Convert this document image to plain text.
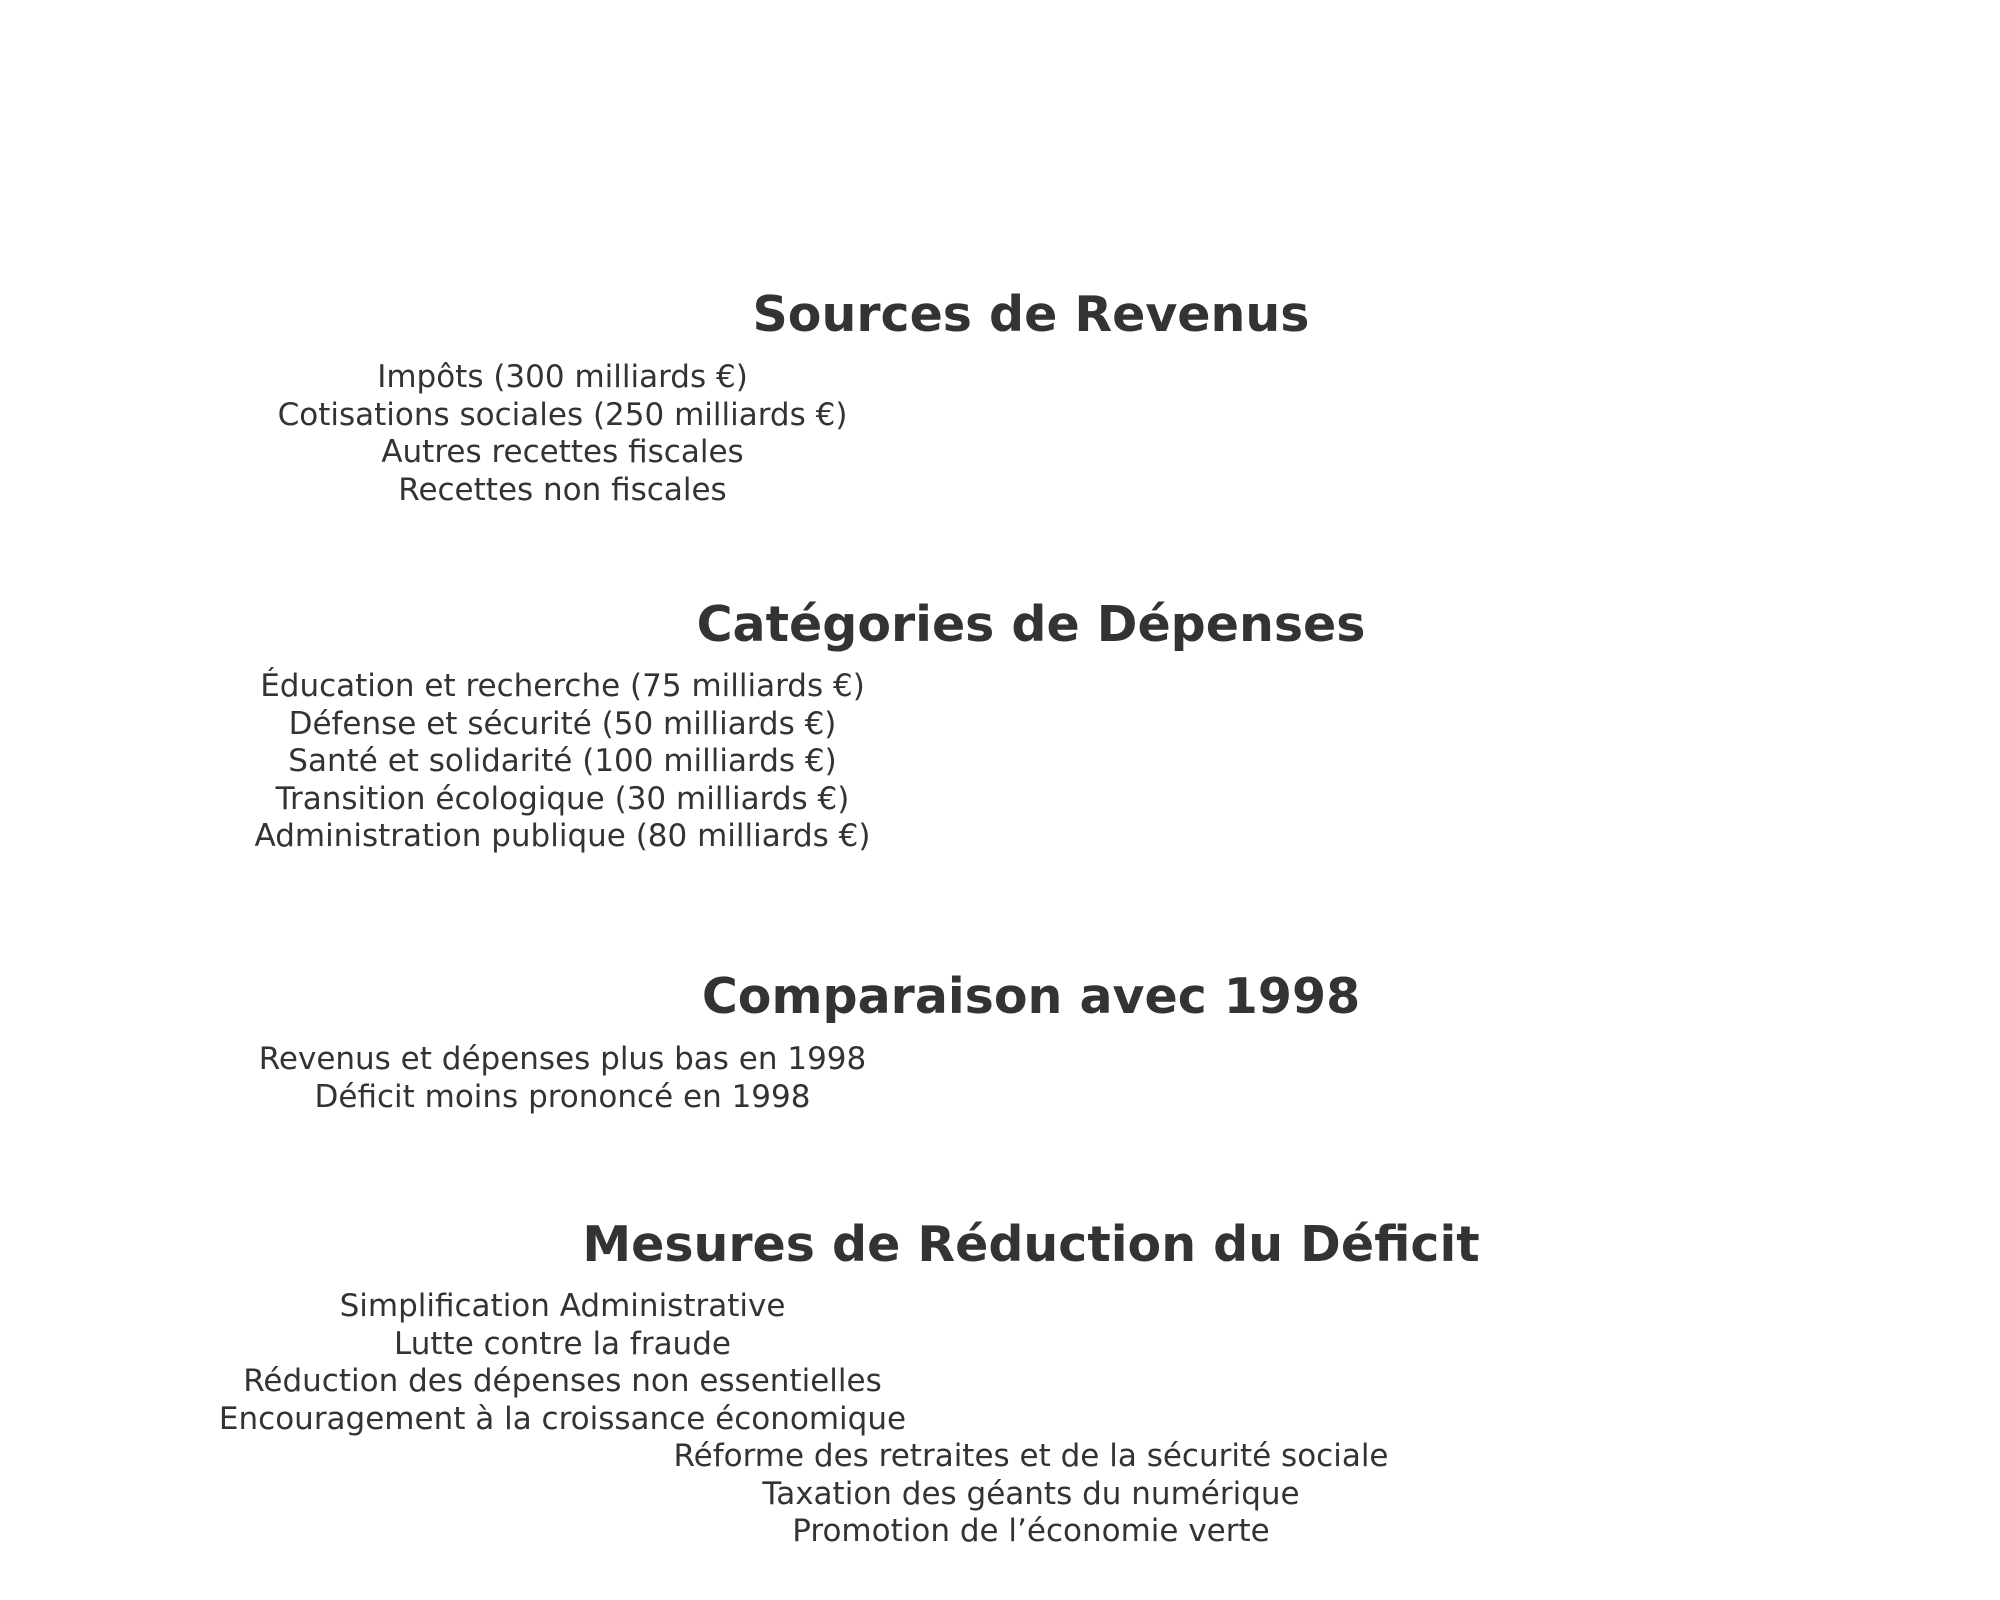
Sources de Revenus
Impôts (300 milliards €)
Cotisations sociales (250 milliards €)
Autres recettes fiscales
Recettes non fiscales
Catégories de Dépenses
Éducation et recherche (75 milliards €)
Défense et sécurité (50 milliards €)
Santé et solidarité (100 milliards €)
Transition écologique (30 milliards €)
Administration publique (80 milliards €)
Comparaison avec 1998
Revenus et dépenses plus bas en 1998
Déficit moins prononcé en 1998
Mesures de Réduction du Déficit
Simplification Administrative
Lutte contre la fraude
Réduction des dépenses non essentielles
Encouragement à la croissance économique
Réforme des retraites et de la sécurité sociale
Taxation des géants du numérique
Promotion de l’économie verte
